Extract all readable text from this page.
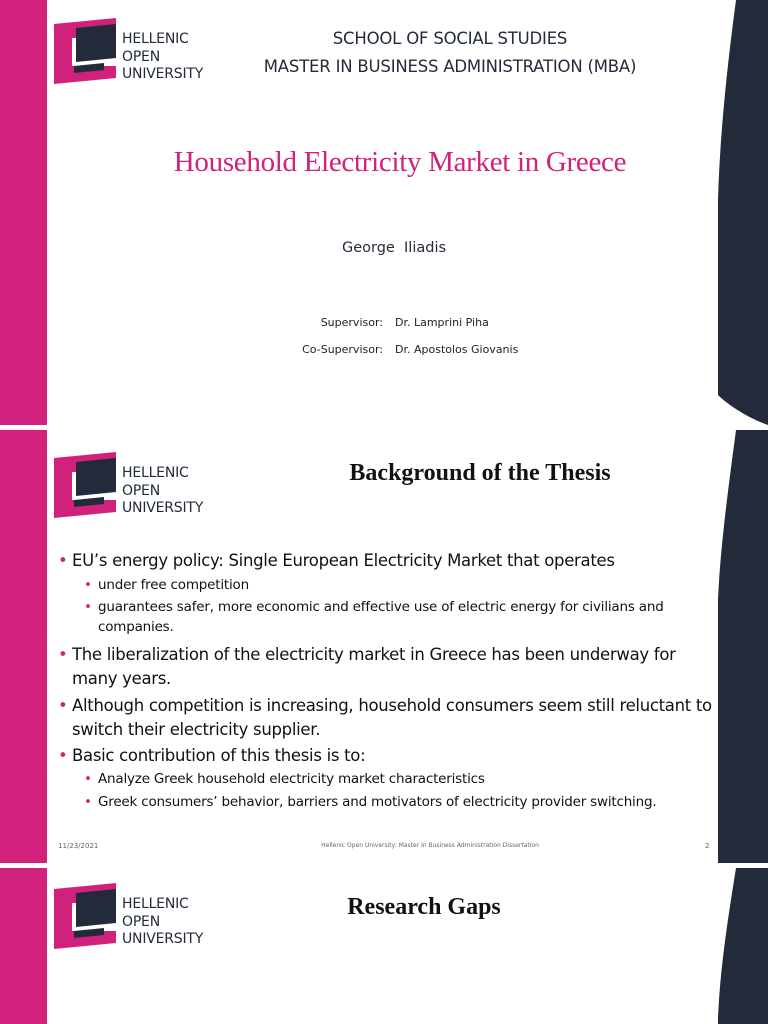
HELLENIC
OPEN
UNIVERSITY
SCHOOL OF SOCIAL STUDIES
MASTER IN BUSINESS ADMINISTRATION (MBA)
Household Electricity Market in Greece
George  Iliadis
Supervisor: Dr. Lamprini Piha
Co-Supervisor: Dr. Apostolos Giovanis
HELLENIC
OPEN
UNIVERSITY
Background of the Thesis
• EU’s energy policy: Single European Electricity Market that operates
• under free competition
• guarantees safer, more economic and effective use of electric energy for civilians and companies.
• The liberalization of the electricity market in Greece has been underway for many years.
• Although competition is increasing, household consumers seem still reluctant to switch their electricity supplier.
• Basic contribution of this thesis is to:
• Analyze Greek household electricity market characteristics
• Greek consumers’ behavior, barriers and motivators of electricity provider switching.
11/23/2021	Hellenic Open University: Master in Business Administration Dissertation	2
HELLENIC
OPEN
UNIVERSITY
Research Gaps
